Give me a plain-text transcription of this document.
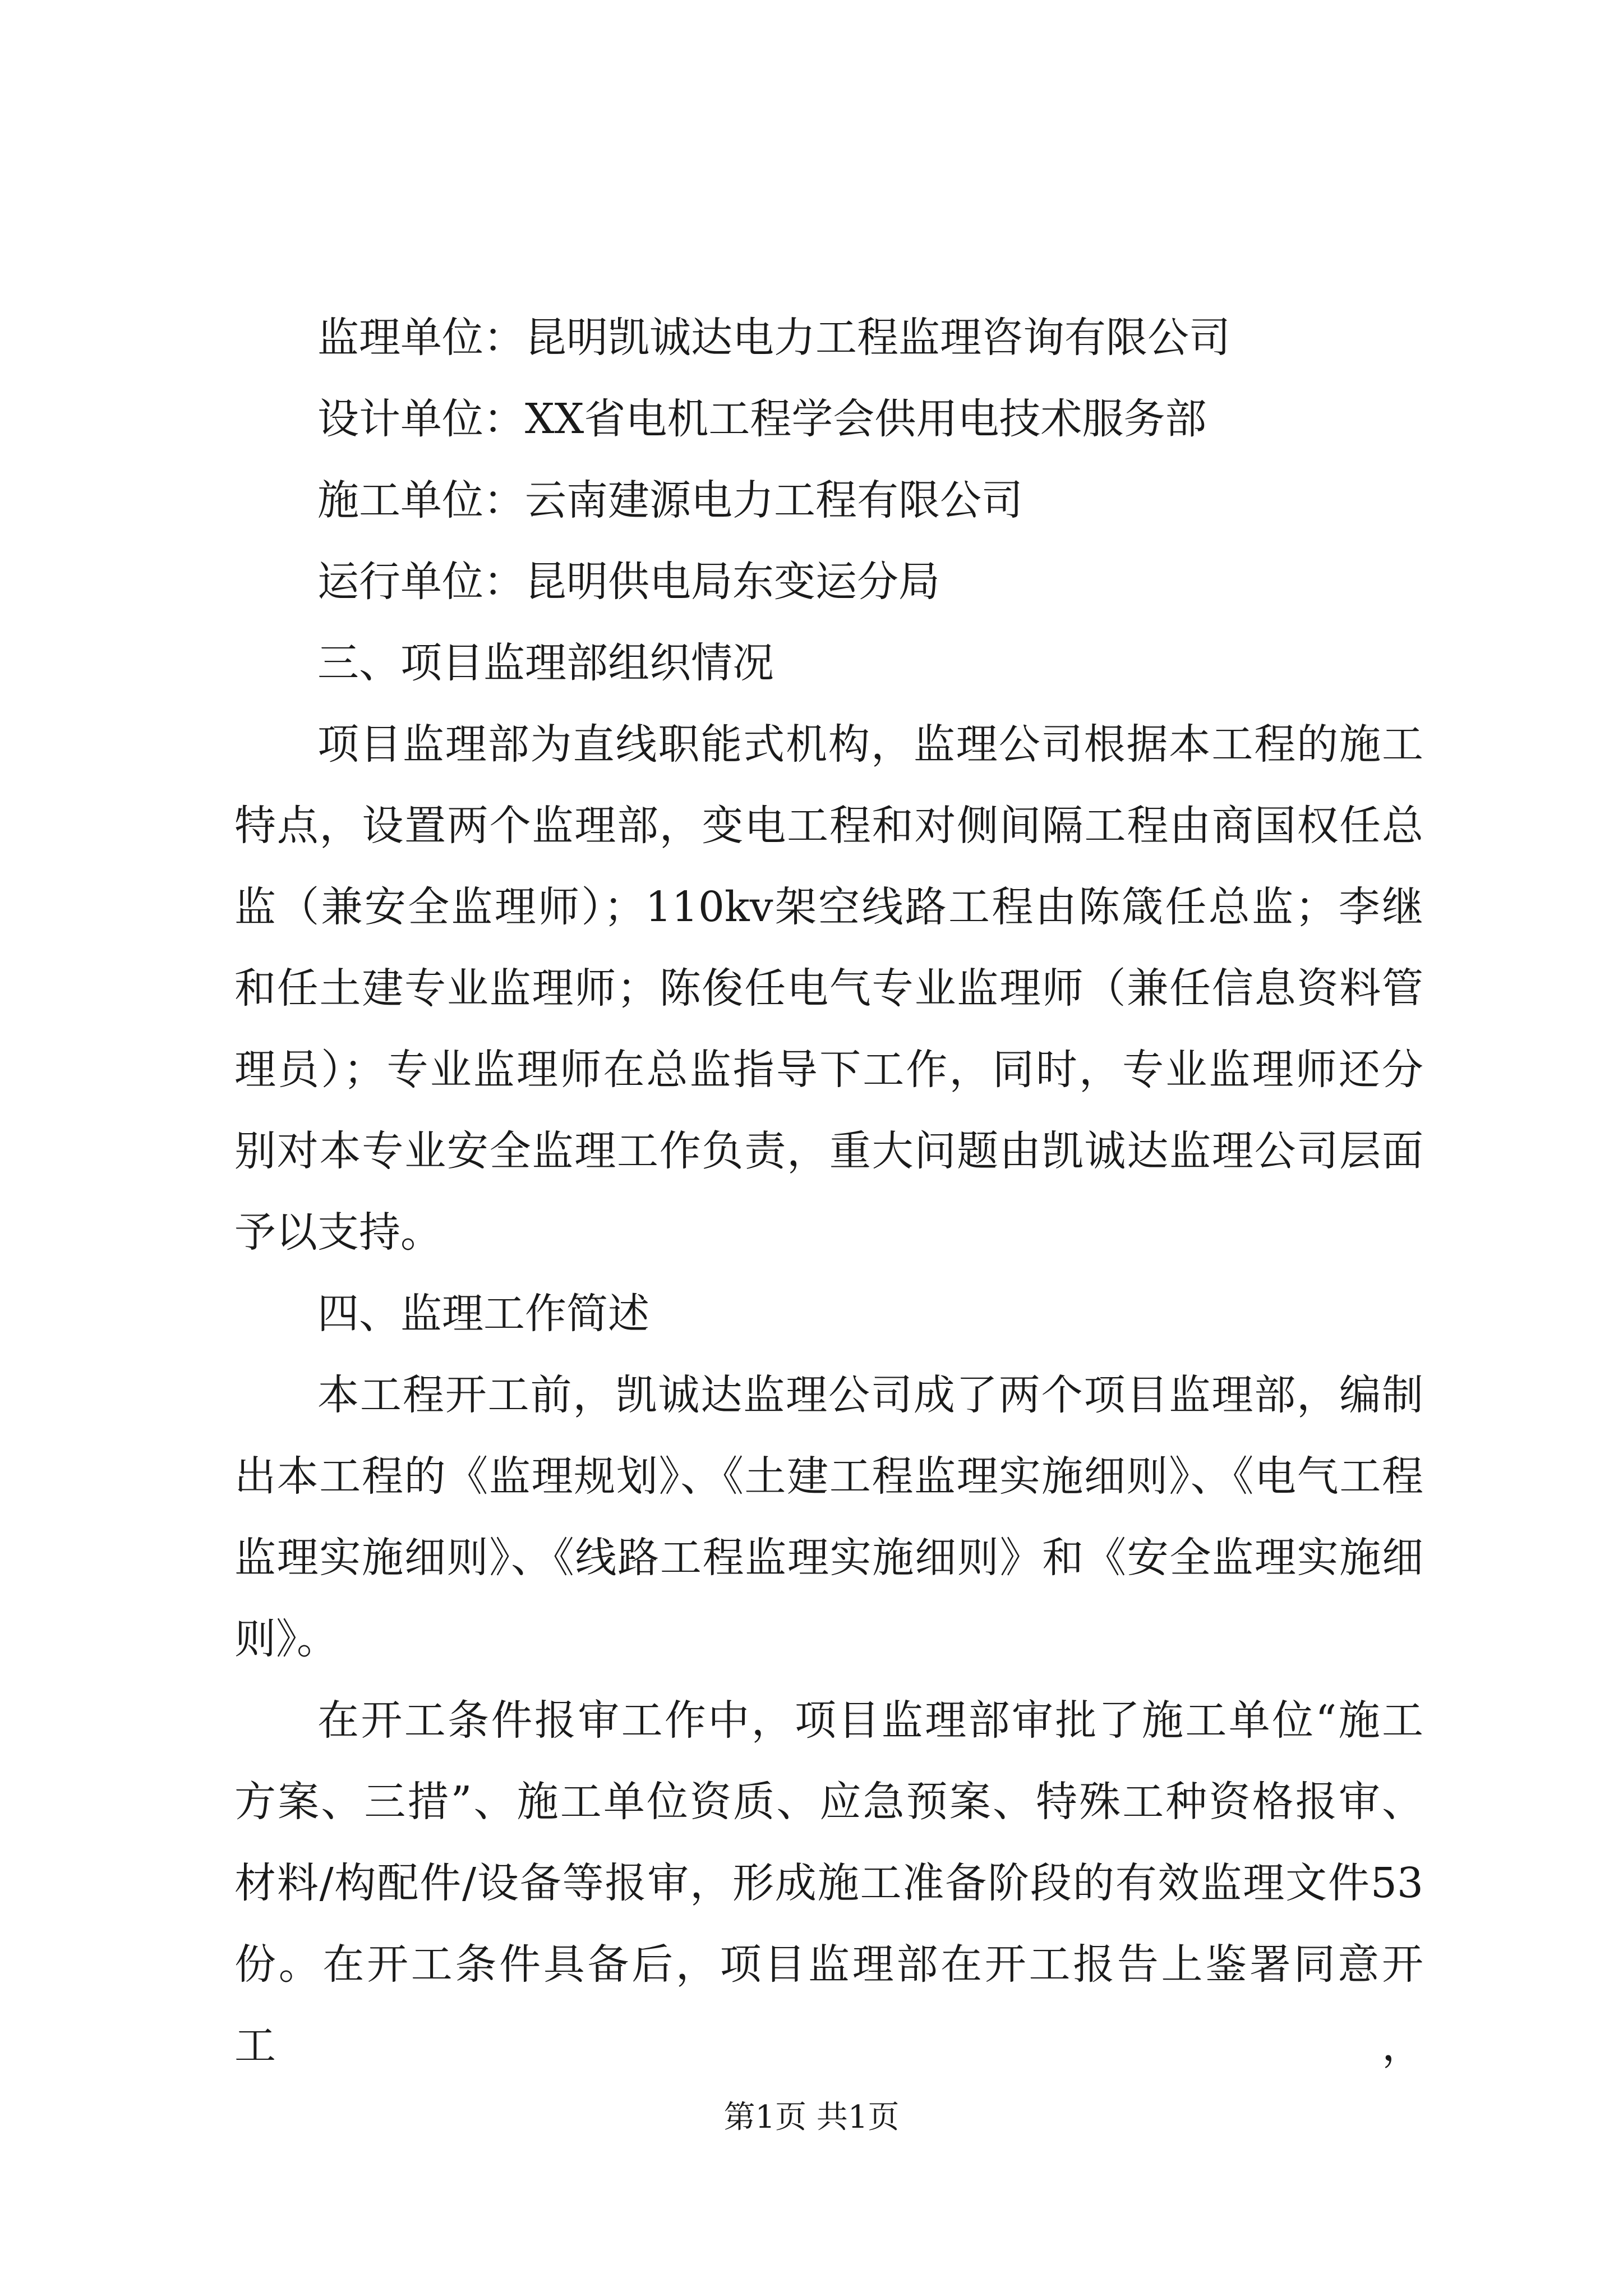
监理单位：昆明凯诚达电力工程监理咨询有限公司
设计单位：XX省电机工程学会供用电技术服务部
施工单位：云南建源电力工程有限公司
运行单位：昆明供电局东变运分局
三、项目监理部组织情况
项目监理部为直线职能式机构，监理公司根据本工程的施工
特点，设置两个监理部，变电工程和对侧间隔工程由商国权任总
监（兼安全监理师）；110kv架空线路工程由陈箴任总监；李继
和任土建专业监理师；陈俊任电气专业监理师（兼任信息资料管
理员）；专业监理师在总监指导下工作，同时，专业监理师还分
别对本专业安全监理工作负责，重大问题由凯诚达监理公司层面
予以支持。
四、监理工作简述
本工程开工前，凯诚达监理公司成了两个项目监理部，编制
出本工程的《监理规划》、《土建工程监理实施细则》、《电气工程
监理实施细则》、《线路工程监理实施细则》和《安全监理实施细
则》。
在开工条件报审工作中，项目监理部审批了施工单位“施工
方案、三措”、施工单位资质、应急预案、特殊工种资格报审、
材料/构配件/设备等报审，形成施工准备阶段的有效监理文件53
份。在开工条件具备后，项目监理部在开工报告上鉴署同意开工，
第1页 共1页
